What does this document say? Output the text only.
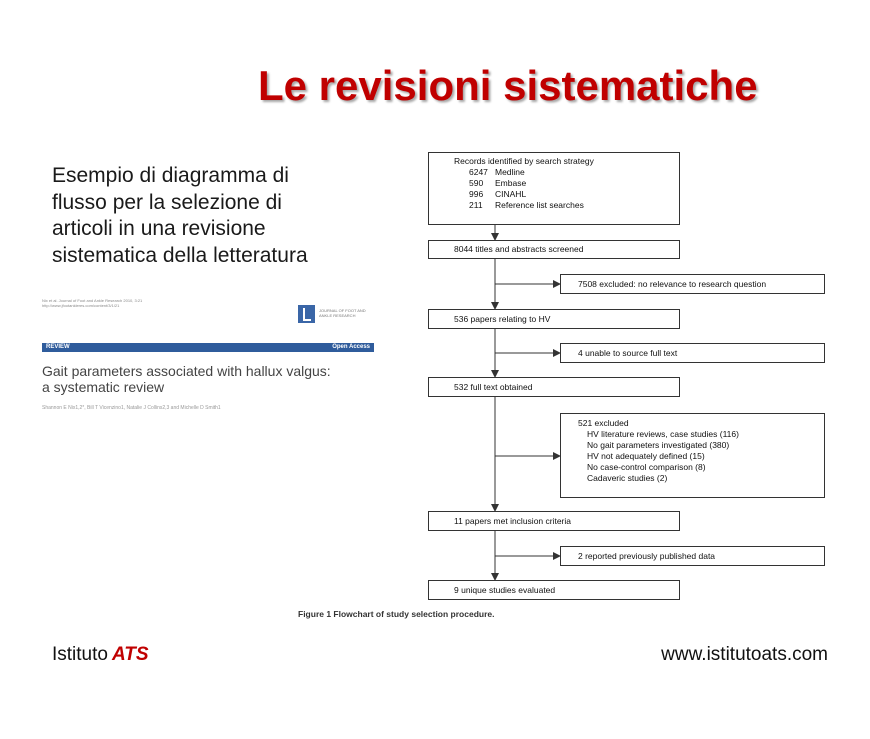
Le revisioni sistematiche
Esempio di diagramma di
flusso per la selezione di
articoli in una revisione
sistematica della letteratura
Nix et al. Journal of Foot and Ankle Research 2010, 3:21
http://www.jfootankleres.com/content/3/1/21
JOURNAL OF FOOT AND ANKLE RESEARCH
REVIEW	Open Access
Gait parameters associated with hallux valgus:
a systematic review
Shannon E Nix1,2*, Bill T Vicenzino1, Natalie J Collins2,3 and Michelle D Smith1
Records identified by search strategy
6247 Medline
590 Embase
996 CINAHL
211 Reference list searches
8044 titles and abstracts screened
7508 excluded: no relevance to research question
536 papers relating to HV
4 unable to source full text
532 full text obtained
521 excluded
HV literature reviews, case studies (116)
No gait parameters investigated (380)
HV not adequately defined (15)
No case-control comparison (8)
Cadaveric studies (2)
11 papers met inclusion criteria
2 reported previously published data
9 unique studies evaluated
Figure 1 Flowchart of study selection procedure.
Istituto ATS	www.istitutoats.com
